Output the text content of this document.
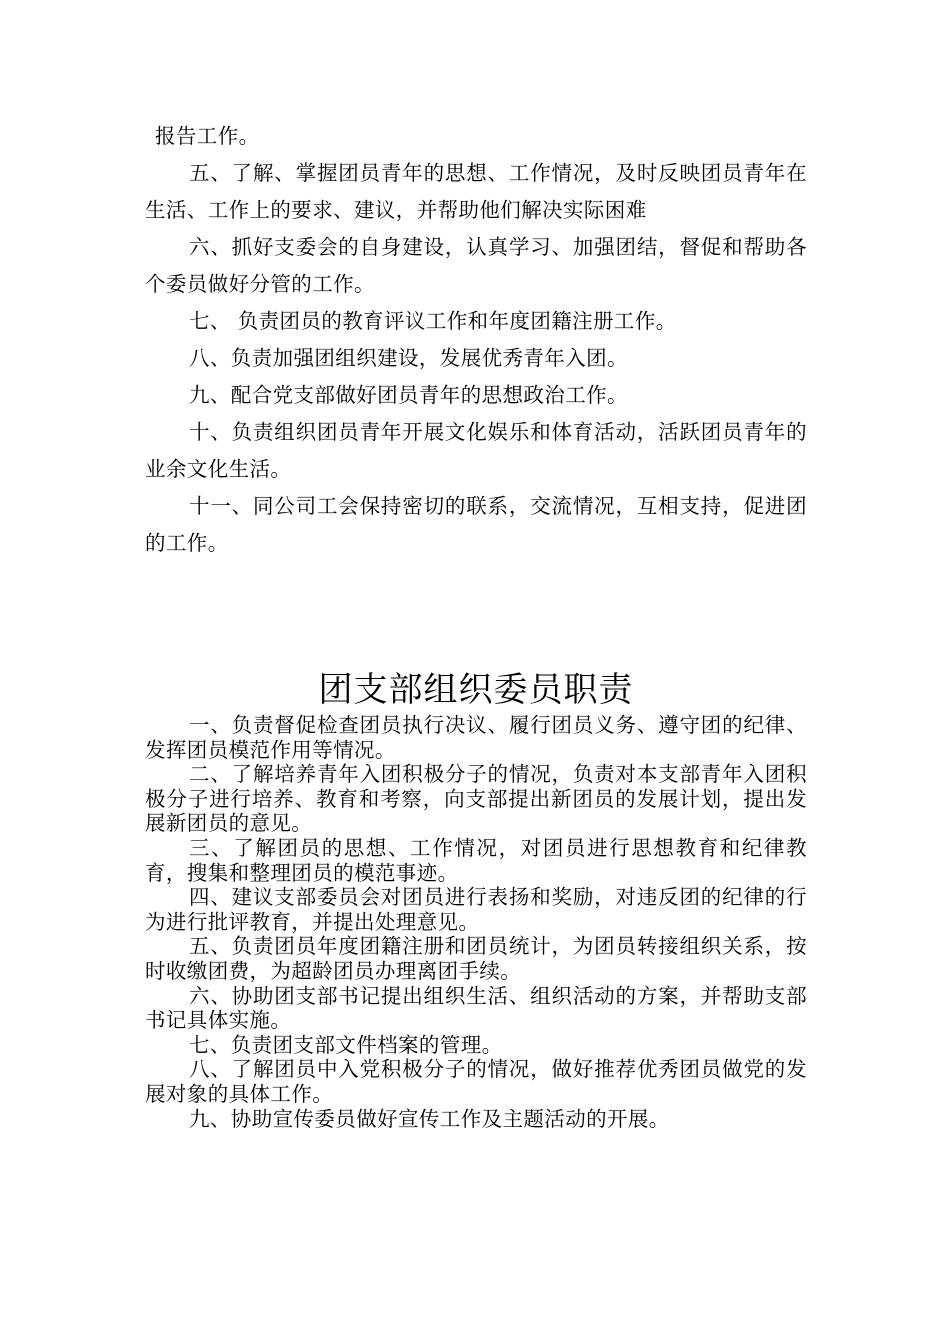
报告工作。

五、了解、掌握团员青年的思想、工作情况，及时反映团员青年在生活、工作上的要求、建议，并帮助他们解决实际困难

六、抓好支委会的自身建设，认真学习、加强团结，督促和帮助各个委员做好分管的工作。

七、 负责团员的教育评议工作和年度团籍注册工作。

八、负责加强团组织建设，发展优秀青年入团。

九、配合党支部做好团员青年的思想政治工作。

十、负责组织团员青年开展文化娱乐和体育活动，活跃团员青年的业余文化生活。

十一、同公司工会保持密切的联系，交流情况，互相支持，促进团的工作。

团支部组织委员职责

一、负责督促检查团员执行决议、履行团员义务、遵守团的纪律、发挥团员模范作用等情况。

二、了解培养青年入团积极分子的情况，负责对本支部青年入团积极分子进行培养、教育和考察，向支部提出新团员的发展计划，提出发展新团员的意见。

三、了解团员的思想、工作情况，对团员进行思想教育和纪律教育，搜集和整理团员的模范事迹。

四、建议支部委员会对团员进行表扬和奖励，对违反团的纪律的行为进行批评教育，并提出处理意见。

五、负责团员年度团籍注册和团员统计，为团员转接组织关系，按时收缴团费，为超龄团员办理离团手续。

六、协助团支部书记提出组织生活、组织活动的方案，并帮助支部书记具体实施。

七、负责团支部文件档案的管理。

八、了解团员中入党积极分子的情况，做好推荐优秀团员做党的发展对象的具体工作。

九、协助宣传委员做好宣传工作及主题活动的开展。
